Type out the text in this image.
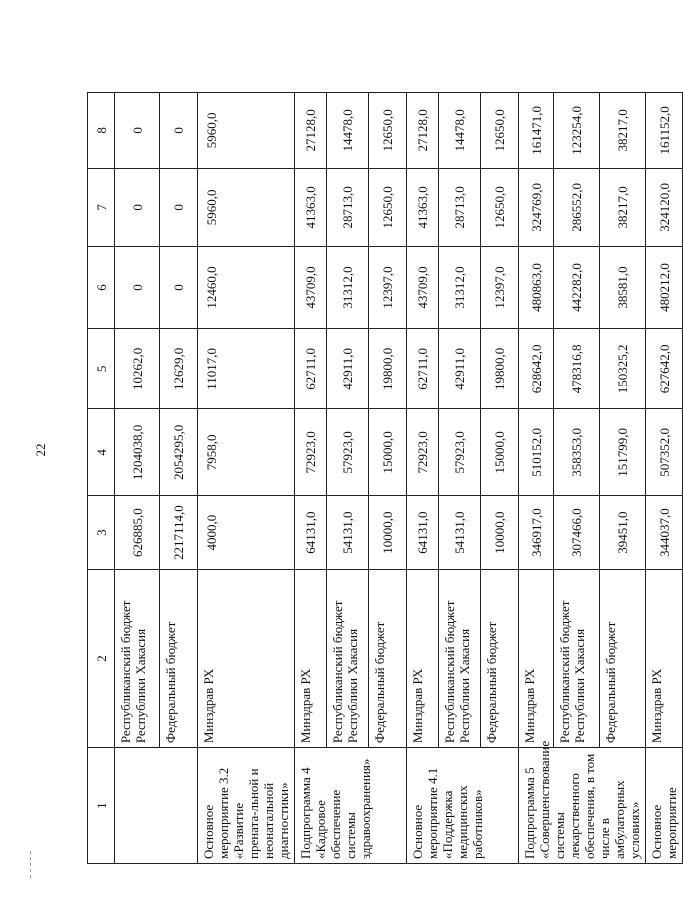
22
1	2	3	4	5	6	7	8
	Республиканский бюджет Республики Хакасия	626885,0	1204038,0	10262,0	0	0	0
	Федеральный бюджет	2217114,0	2054295,0	12629,0	0	0	0
Основное мероприятие 3.2 «Развитие прената-льной и неонатальной диагностики»	Минздрав РХ	4000,0	7958,0	11017,0	12460,0	5960,0	5960,0
Подпрограмма 4 «Кадровое обеспечение системы здравоохранения»	Минздрав РХ	64131,0	72923,0	62711,0	43709,0	41363,0	27128,0
	Республиканский бюджет Республики Хакасия	54131,0	57923,0	42911,0	31312,0	28713,0	14478,0
	Федеральный бюджет	10000,0	15000,0	19800,0	12397,0	12650,0	12650,0
Основное мероприятие 4.1 «Поддержка медицинских работников»	Минздрав РХ	64131,0	72923,0	62711,0	43709,0	41363,0	27128,0
	Республиканский бюджет Республики Хакасия	54131,0	57923,0	42911,0	31312,0	28713,0	14478,0
	Федеральный бюджет	10000,0	15000,0	19800,0	12397,0	12650,0	12650,0
Подпрограмма 5 «Совершенствование системы лекарственного обеспечения, в том числе в амбулаторных условиях»	Минздрав РХ	346917,0	510152,0	628642,0	480863,0	324769,0	161471,0
	Республиканский бюджет Республики Хакасия	307466,0	358353,0	478316,8	442282,0	286552,0	123254,0
	Федеральный бюджет	39451,0	151799,0	150325,2	38581,0	38217,0	38217,0
Основное мероприятие	Минздрав РХ	344037,0	507352,0	627642,0	480212,0	324120,0	161152,0
